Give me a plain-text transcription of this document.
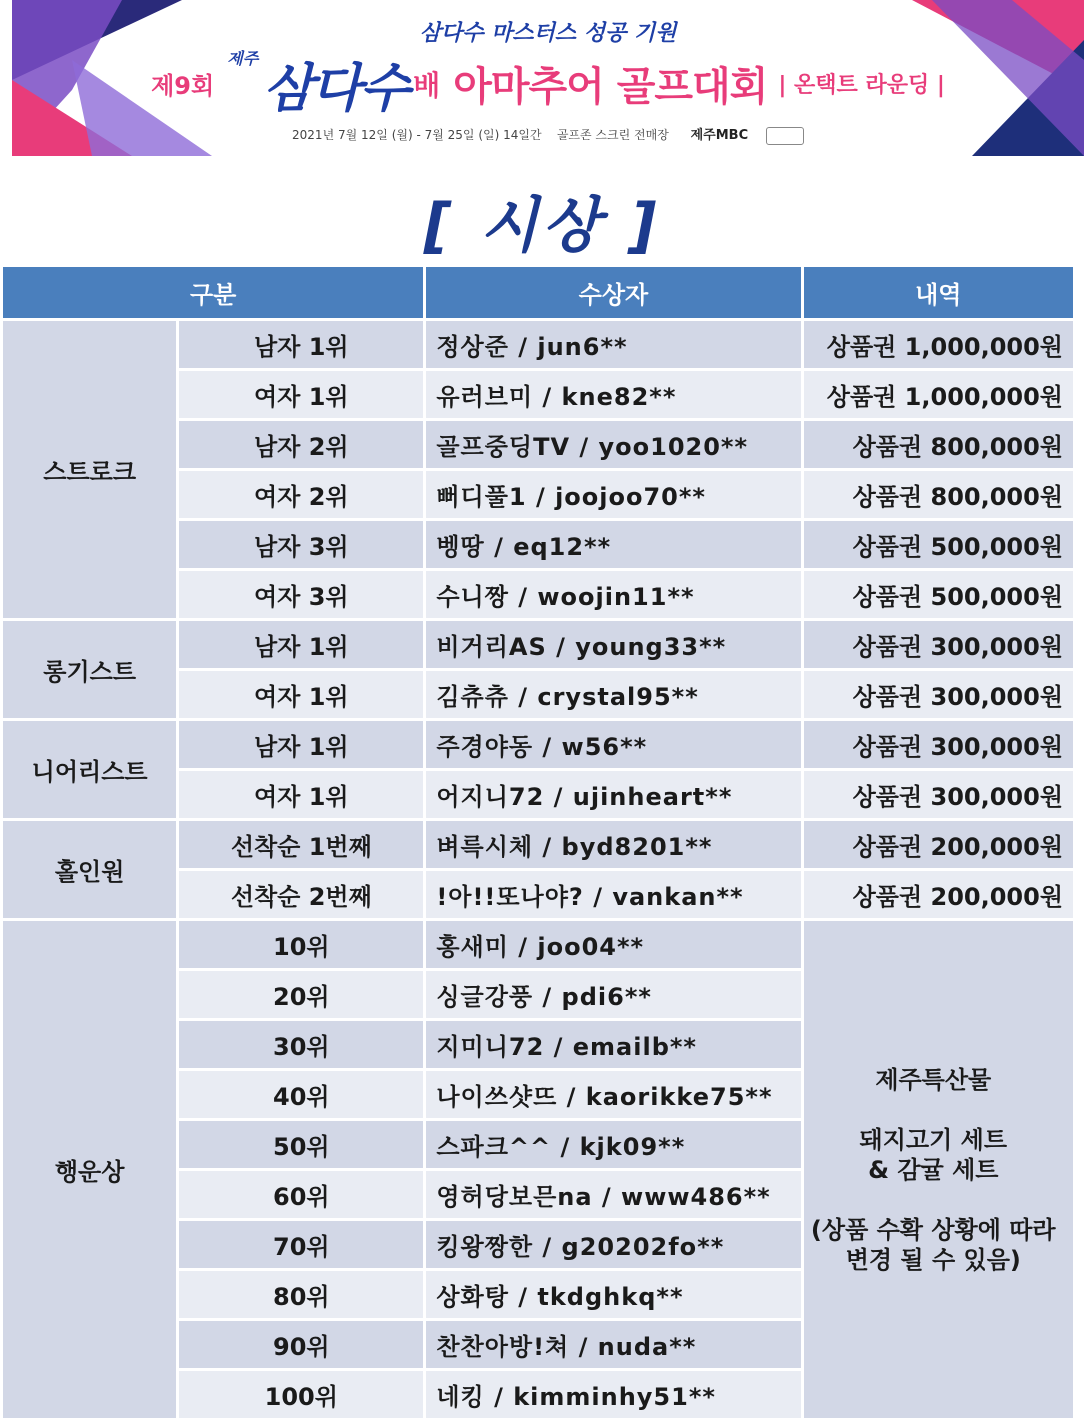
삼다수 마스터스 성공 기원
제9회 제주 삼다수 배 아마추어 골프대회 | 온택트 라운딩 |
2021년 7월 12일 (월) - 7월 25일 (일) 14일간 골프존 스크린 전매장 제주MBC
[ 시상 ]
구분		수상자	내역
스트로크	남자 1위	정상준 / jun6**	상품권 1,000,000원
	여자 1위	유러브미 / kne82**	상품권 1,000,000원
	남자 2위	골프중딩TV / yoo1020**	상품권 800,000원
	여자 2위	뻐디풀1 / joojoo70**	상품권 800,000원
	남자 3위	벵땅 / eq12**	상품권 500,000원
	여자 3위	수니짱 / woojin11**	상품권 500,000원
롱기스트	남자 1위	비거리AS / young33**	상품권 300,000원
	여자 1위	김츄츄 / crystal95**	상품권 300,000원
니어리스트	남자 1위	주경야동 / w56**	상품권 300,000원
	여자 1위	어지니72 / ujinheart**	상품권 300,000원
홀인원	선착순 1번째	벼륵시체 / byd8201**	상품권 200,000원
	선착순 2번째	!아!!또나야? / vankan**	상품권 200,000원
행운상	10위	홍새미 / joo04**	제주특산물
돼지고기 세트
& 감귤 세트
(상품 수확 상황에 따라
변경 될 수 있음)

	20위	싱글강풍 / pdi6**	
	30위	지미니72 / emailb**	
	40위	나이쓰샷뜨 / kaorikke75**	
	50위	스파크^^ / kjk09**	
	60위	영허당보믄na / www486**	
	70위	킹왕짱한 / g20202fo**	
	80위	상화탕 / tkdghkq**	
	90위	찬찬아방!쳐 / nuda**	
	100위	네킹 / kimminhy51**	
